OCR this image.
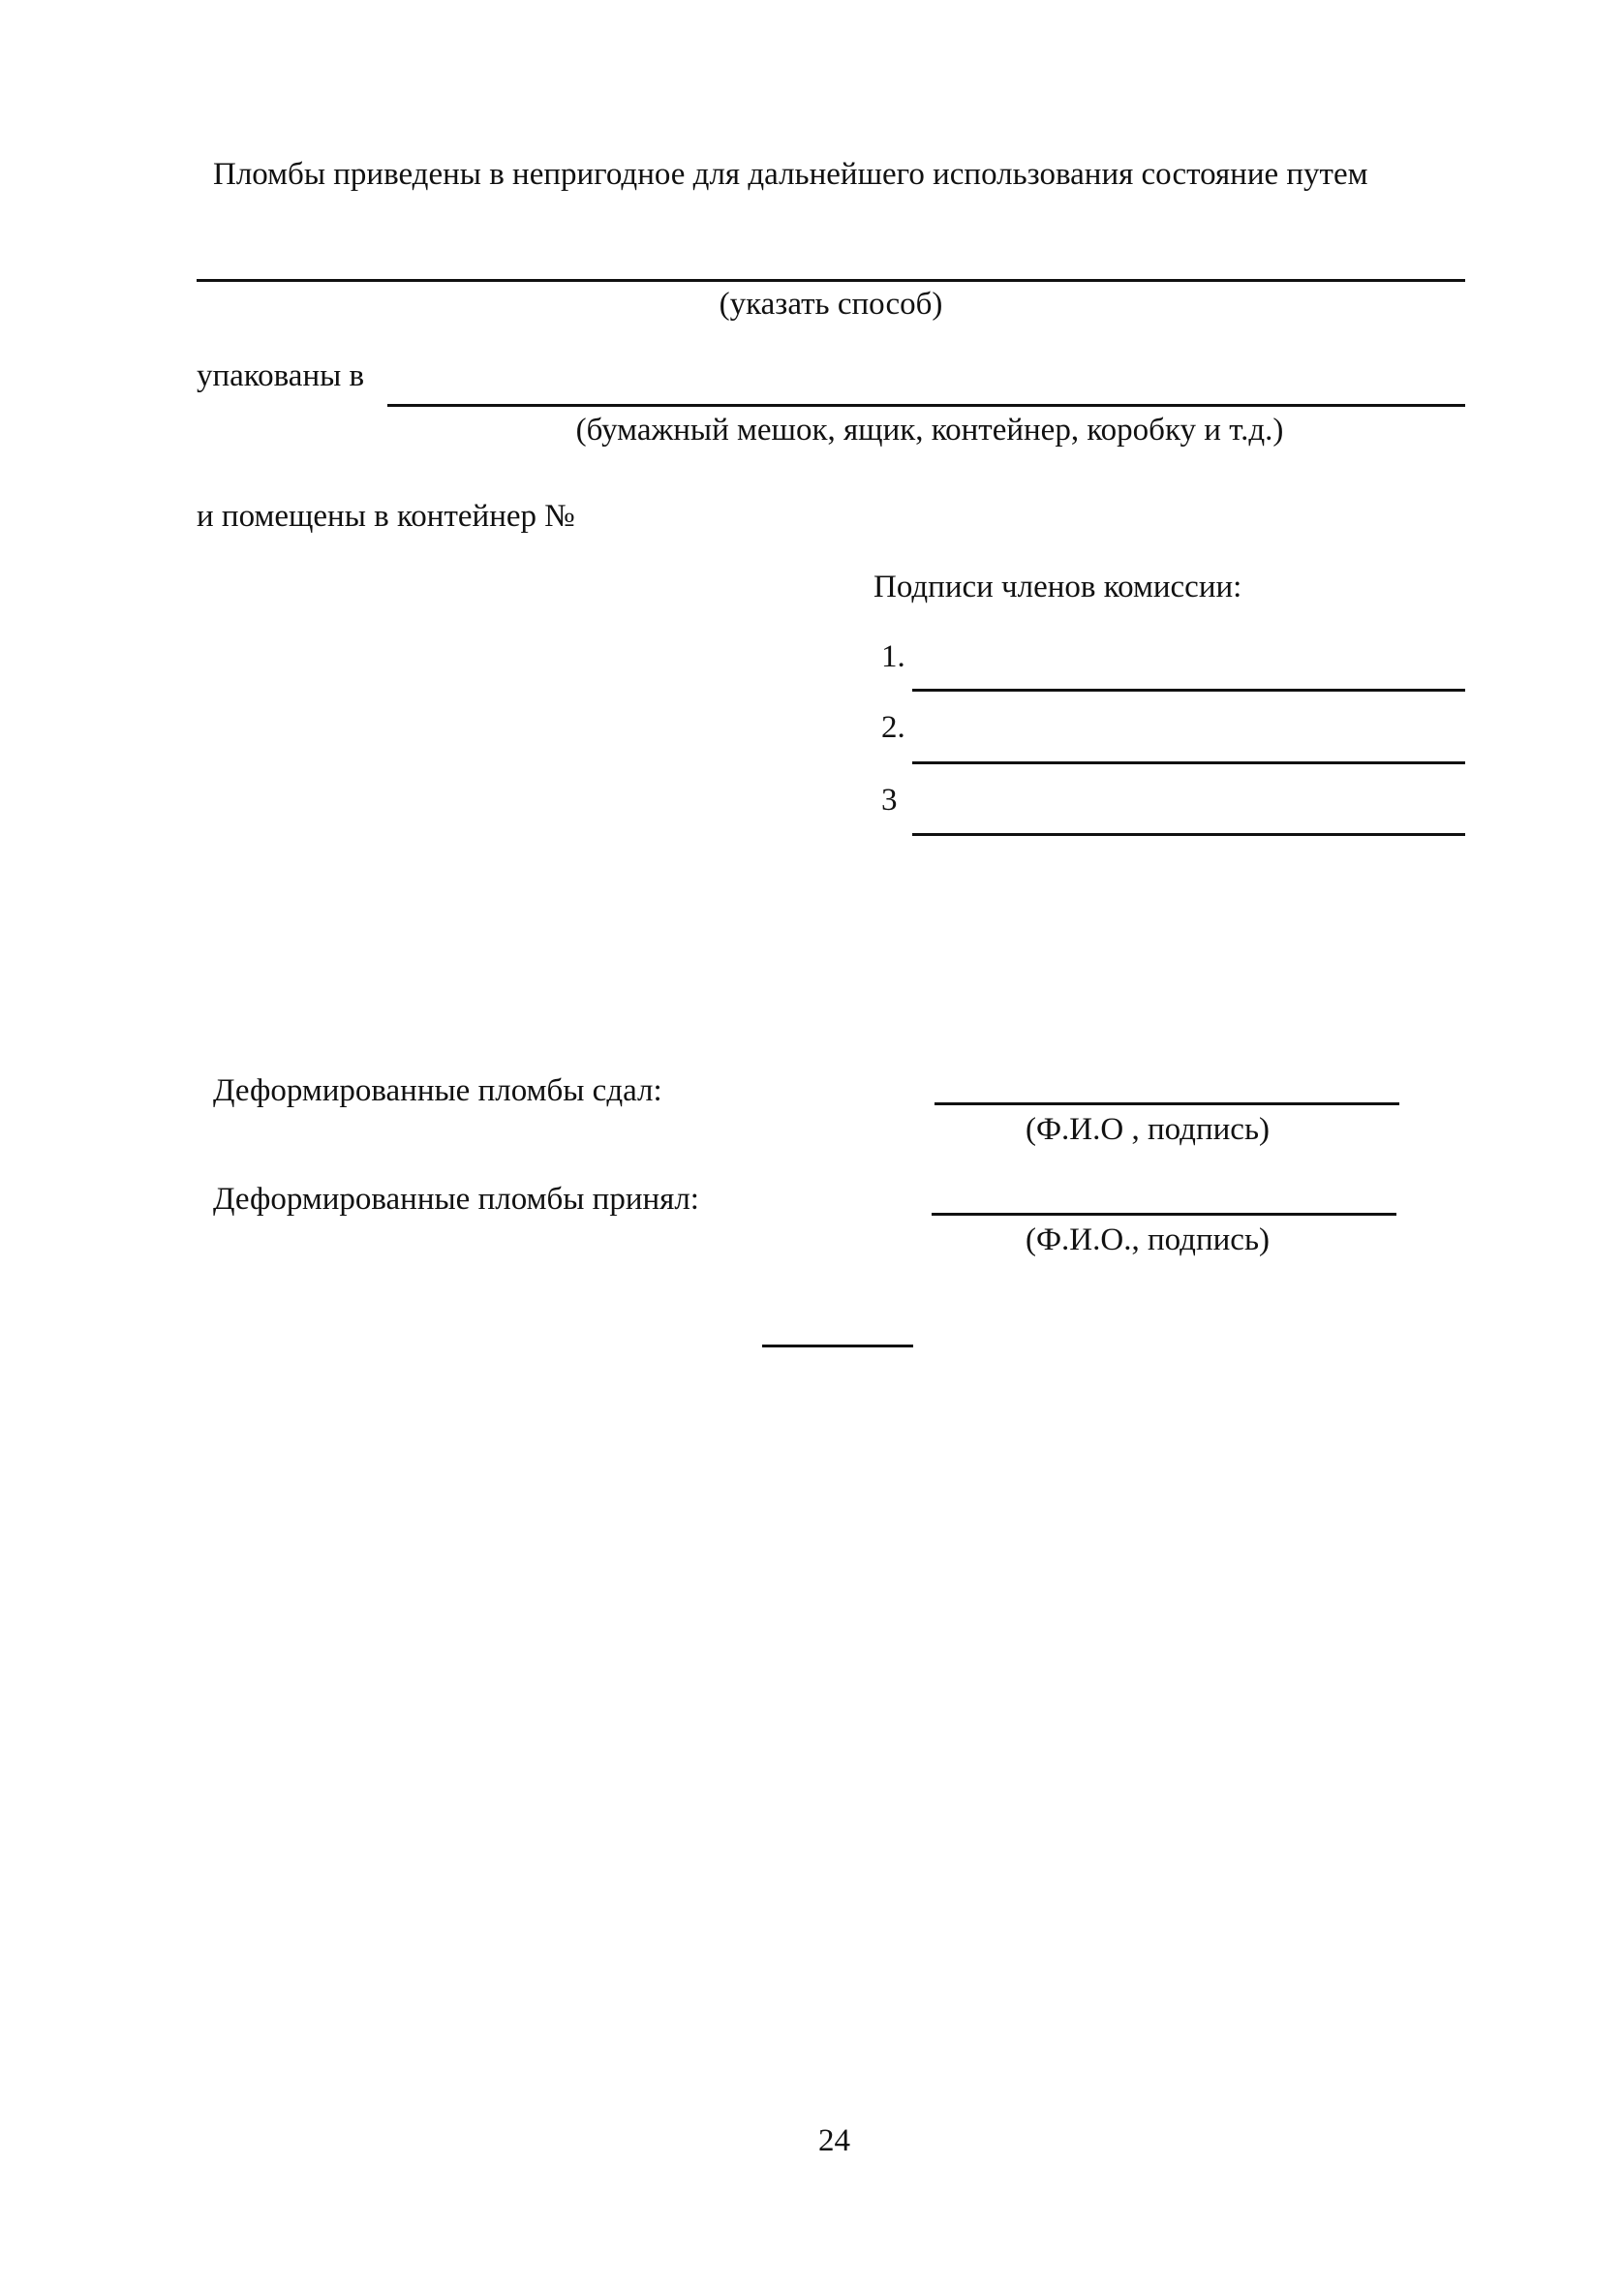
Пломбы приведены в непригодное для дальнейшего использования состояние путем
(указать способ)
упакованы в
(бумажный мешок, ящик, контейнер, коробку и т.д.)
и помещены в контейнер №
Подписи членов комиссии:
1.
2.
3
Деформированные пломбы сдал:
(Ф.И.О , подпись)
Деформированные пломбы принял:
(Ф.И.О., подпись)
24
